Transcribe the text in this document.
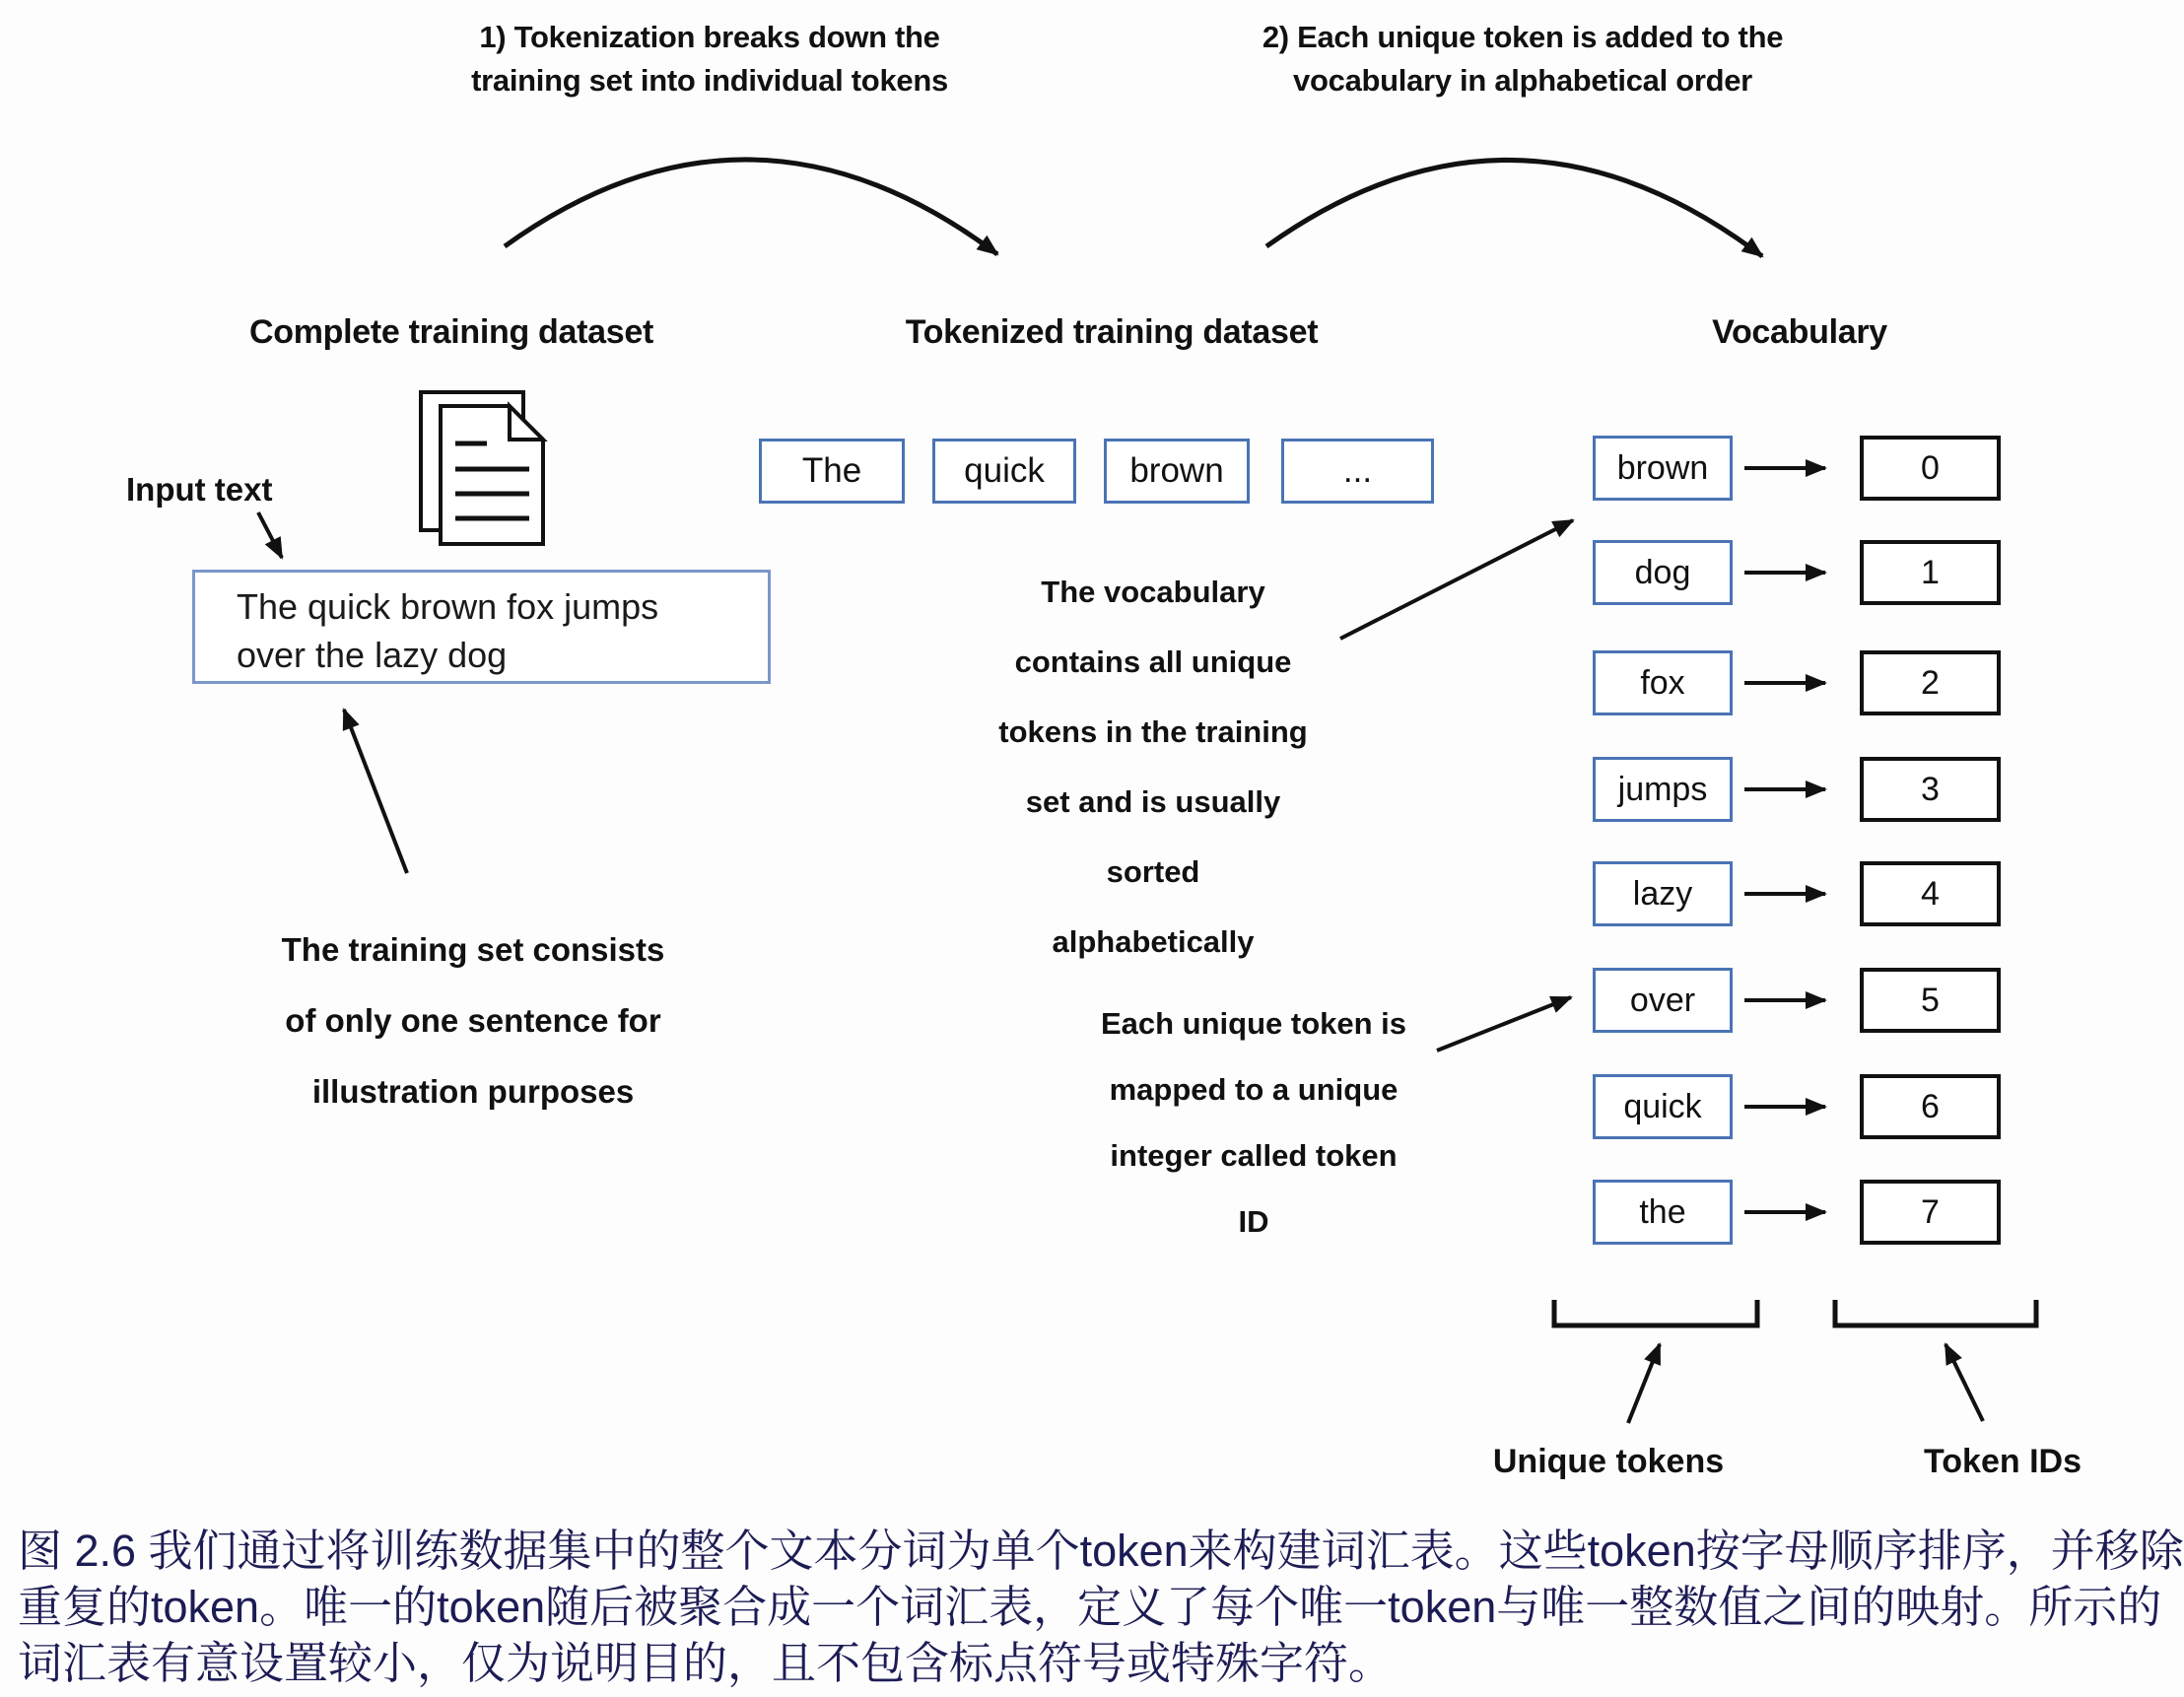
1) Tokenization breaks down the
training set into individual tokens
2) Each unique token is added to the
vocabulary in alphabetical order
Complete training dataset	Tokenized training dataset	Vocabulary
Input text
The quick brown fox jumps
over the lazy dog
The training set consists
of only one sentence for
illustration purposes
The	quick	brown	...
The vocabulary
contains all unique
tokens in the training
set and is usually
sorted
alphabetically
Each unique token is
mapped to a unique
integer called token
ID
brown	0
dog	1
fox	2
jumps	3
lazy	4
over	5
quick	6
the	7
Unique tokens	Token IDs
图 2.6 我们通过将训练数据集中的整个文本分词为单个token来构建词汇表。这些token按字母顺序排序，并移除
重复的token。唯一的token随后被聚合成一个词汇表，定义了每个唯一token与唯一整数值之间的映射。所示的
词汇表有意设置较小，仅为说明目的，且不包含标点符号或特殊字符。
